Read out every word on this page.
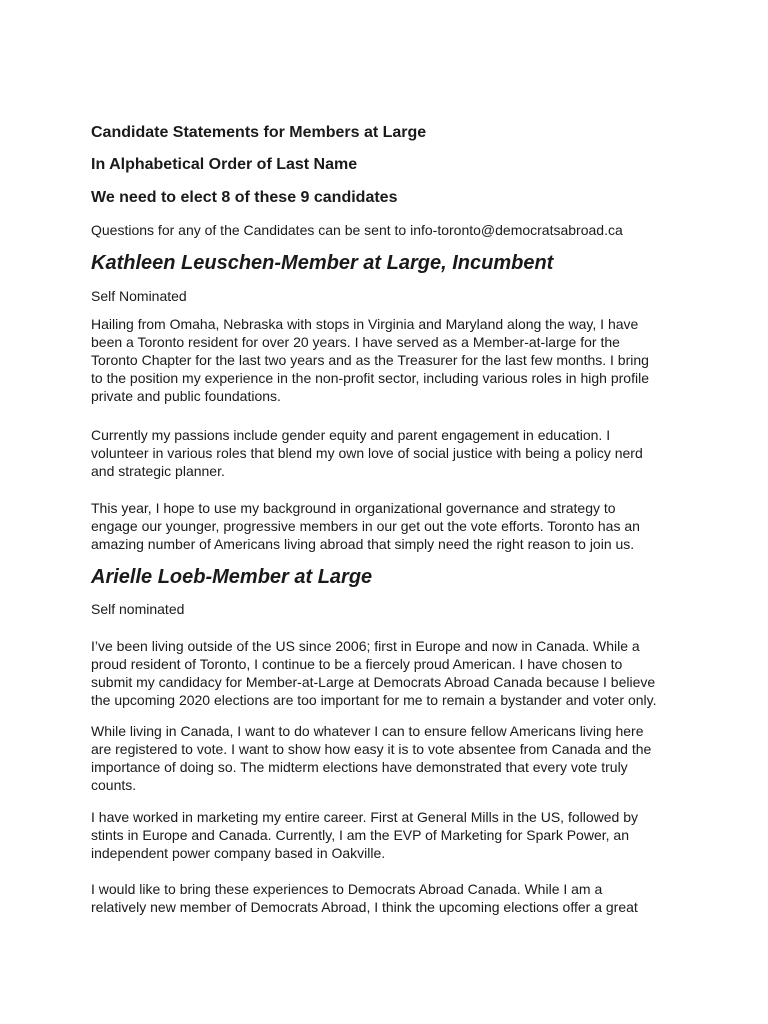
Candidate Statements for Members at Large
In Alphabetical Order of Last Name
We need to elect 8 of these 9 candidates
Questions for any of the Candidates can be sent to info-toronto@democratsabroad.ca
Kathleen Leuschen-Member at Large, Incumbent
Self Nominated
Hailing from Omaha, Nebraska with stops in Virginia and Maryland along the way, I have
been a Toronto resident for over 20 years. I have served as a Member-at-large for the
Toronto Chapter for the last two years and as the Treasurer for the last few months. I bring
to the position my experience in the non-profit sector, including various roles in high profile
private and public foundations.
Currently my passions include gender equity and parent engagement in education. I
volunteer in various roles that blend my own love of social justice with being a policy nerd
and strategic planner.
This year, I hope to use my background in organizational governance and strategy to
engage our younger, progressive members in our get out the vote efforts. Toronto has an
amazing number of Americans living abroad that simply need the right reason to join us.
Arielle Loeb-Member at Large
Self nominated
I’ve been living outside of the US since 2006; first in Europe and now in Canada. While a
proud resident of Toronto, I continue to be a fiercely proud American. I have chosen to
submit my candidacy for Member-at-Large at Democrats Abroad Canada because I believe
the upcoming 2020 elections are too important for me to remain a bystander and voter only.
While living in Canada, I want to do whatever I can to ensure fellow Americans living here
are registered to vote. I want to show how easy it is to vote absentee from Canada and the
importance of doing so. The midterm elections have demonstrated that every vote truly
counts.
I have worked in marketing my entire career. First at General Mills in the US, followed by
stints in Europe and Canada. Currently, I am the EVP of Marketing for Spark Power, an
independent power company based in Oakville.
I would like to bring these experiences to Democrats Abroad Canada. While I am a
relatively new member of Democrats Abroad, I think the upcoming elections offer a great
